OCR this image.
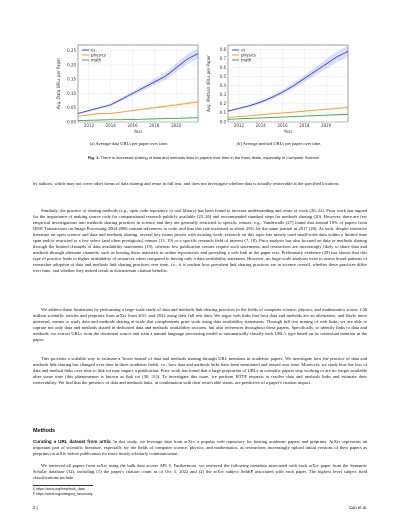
0.00
0.05
0.10
0.15
0.20
0.25
2012	2014	2016	2018	2020
Year
Avg. Data URLs per Paper
cs
physics
math
0.0
0.1
0.2
0.3
0.4
0.5
0.6
0.7
0.8
2012	2014	2016	2018	2020
Year
Avg. Method URLs per Paper
cs
physics
math
(a) Average data URLs per paper over time.	(b) Average method URLs per paper over time.
Fig. 1. There is increased sharing of data and methods links in papers over time in the three fields, especially in Computer Science.

by authors, which may not cover other forms of data sharing and reuse in full text, and does not investigate whether data is actually retrievable at the specified locations.

Similarly, the practice of sharing methods (e.g., open code repository or tool library) has been found to increase understanding and reuse of work (20–22). Prior work has argued for the importance of making source code for computational research publicly available (23–26) and recommended standard steps for methods sharing (20). However, there are few empirical investigations into methods sharing practices in science and they are generally restricted to specific venues, e.g., Vandewalle (27) found that around 10% of papers from IEEE Transactions on Image Processing 2004-2006 contain references to code, and that this rate increased to about 25% for the same journal in 2017 (28). As such, despite extensive literature on open science and data and methods sharing, several key issues persist with existing work: research on this topic has mostly used small-scale data within a limited time span and/or restricted to a few select (and often prestigious) venues (13, 19) or a specific research field of interest (7, 18). Prior analysis has also focused on data or methods sharing through the limited channels of data availability statements (19), whereas few publication venues require such statements, and researchers are increasingly likely to share data and methods through alternate channels, such as hosting these materials in online repositories and providing a web link in the paper text. Preliminary evidence (29) has shown that this type of practice leads to higher availability of resources when compared to having only a data availability statement. However, no large-scale analyses exist to assess broad patterns of researcher adoption of data and methods link sharing practices over time, i.e., it is unclear how prevalent link sharing practices are in science overall, whether these practices differ over time, and whether they indeed result in downstream citation benefits.

We address these limitations by performing a large-scale study of data and methods link-sharing practices in the fields of computer science, physics, and mathematics across 1.06 million scientific articles and preprints from arXiv from 2011 and 2022 using their full text data. We argue web links that host data and methods are an alternative, and likely more universal, means to study data and methods sharing at-scale that complements prior work using data availability statements. Through full text mining of web links, we are able to capture not only data and methods shared in dedicated data and methods availability sections, but also references throughout these papers. Specifically, to identify links to data and methods, we extract URLs from the document source and train a natural language processing model to automatically classify each URL's type based on its contextual mention in the paper.

This provides a scalable way to estimate a 'lower bound' of data and methods sharing through URL mentions in academic papers. We investigate how the practice of data and methods link sharing has changed over time in three academic fields, i.e., how data and methods links have been mentioned and reused over time. Moreover, we study how the loss of data and method links over time to link rot may impact a publication. Prior work has found that a large proportion of URLs in scientific papers stop working or are no longer available after some time (this phenomenon is known as link rot (30, 31)). To investigate this issue, we perform HTTP requests to resolve data and methods links and estimate their retrievability. We find that the presence of data and methods links, in combination with their retrievable status, are predictive of a paper's citation impact.

Methods

Curating a URL dataset from arXiv. In this study, we leverage data from arXiv, a popular web repository for hosting academic papers and preprints. ArXiv represents an important part of scientific literature, especially for the fields of computer science, physics, and mathematics, as researchers increasingly upload initial versions of their papers as preprints on arXiv before publication for more timely scholarly communication.

We retrieved all papers from arXiv using the bulk data access API §. Furthermore, we retrieved the following metadata associated with each arXiv paper from the Semantic Scholar database (32), including (1) the paper's citation count as of Oct 3, 2022 and (2) the arXiv subject fields¶ associated with each paper. The highest level subject field classifications include

§ https://arxiv.org/help/bulk_data
¶ https://arxiv.org/category_taxonomy
2 |	Cao et al.
